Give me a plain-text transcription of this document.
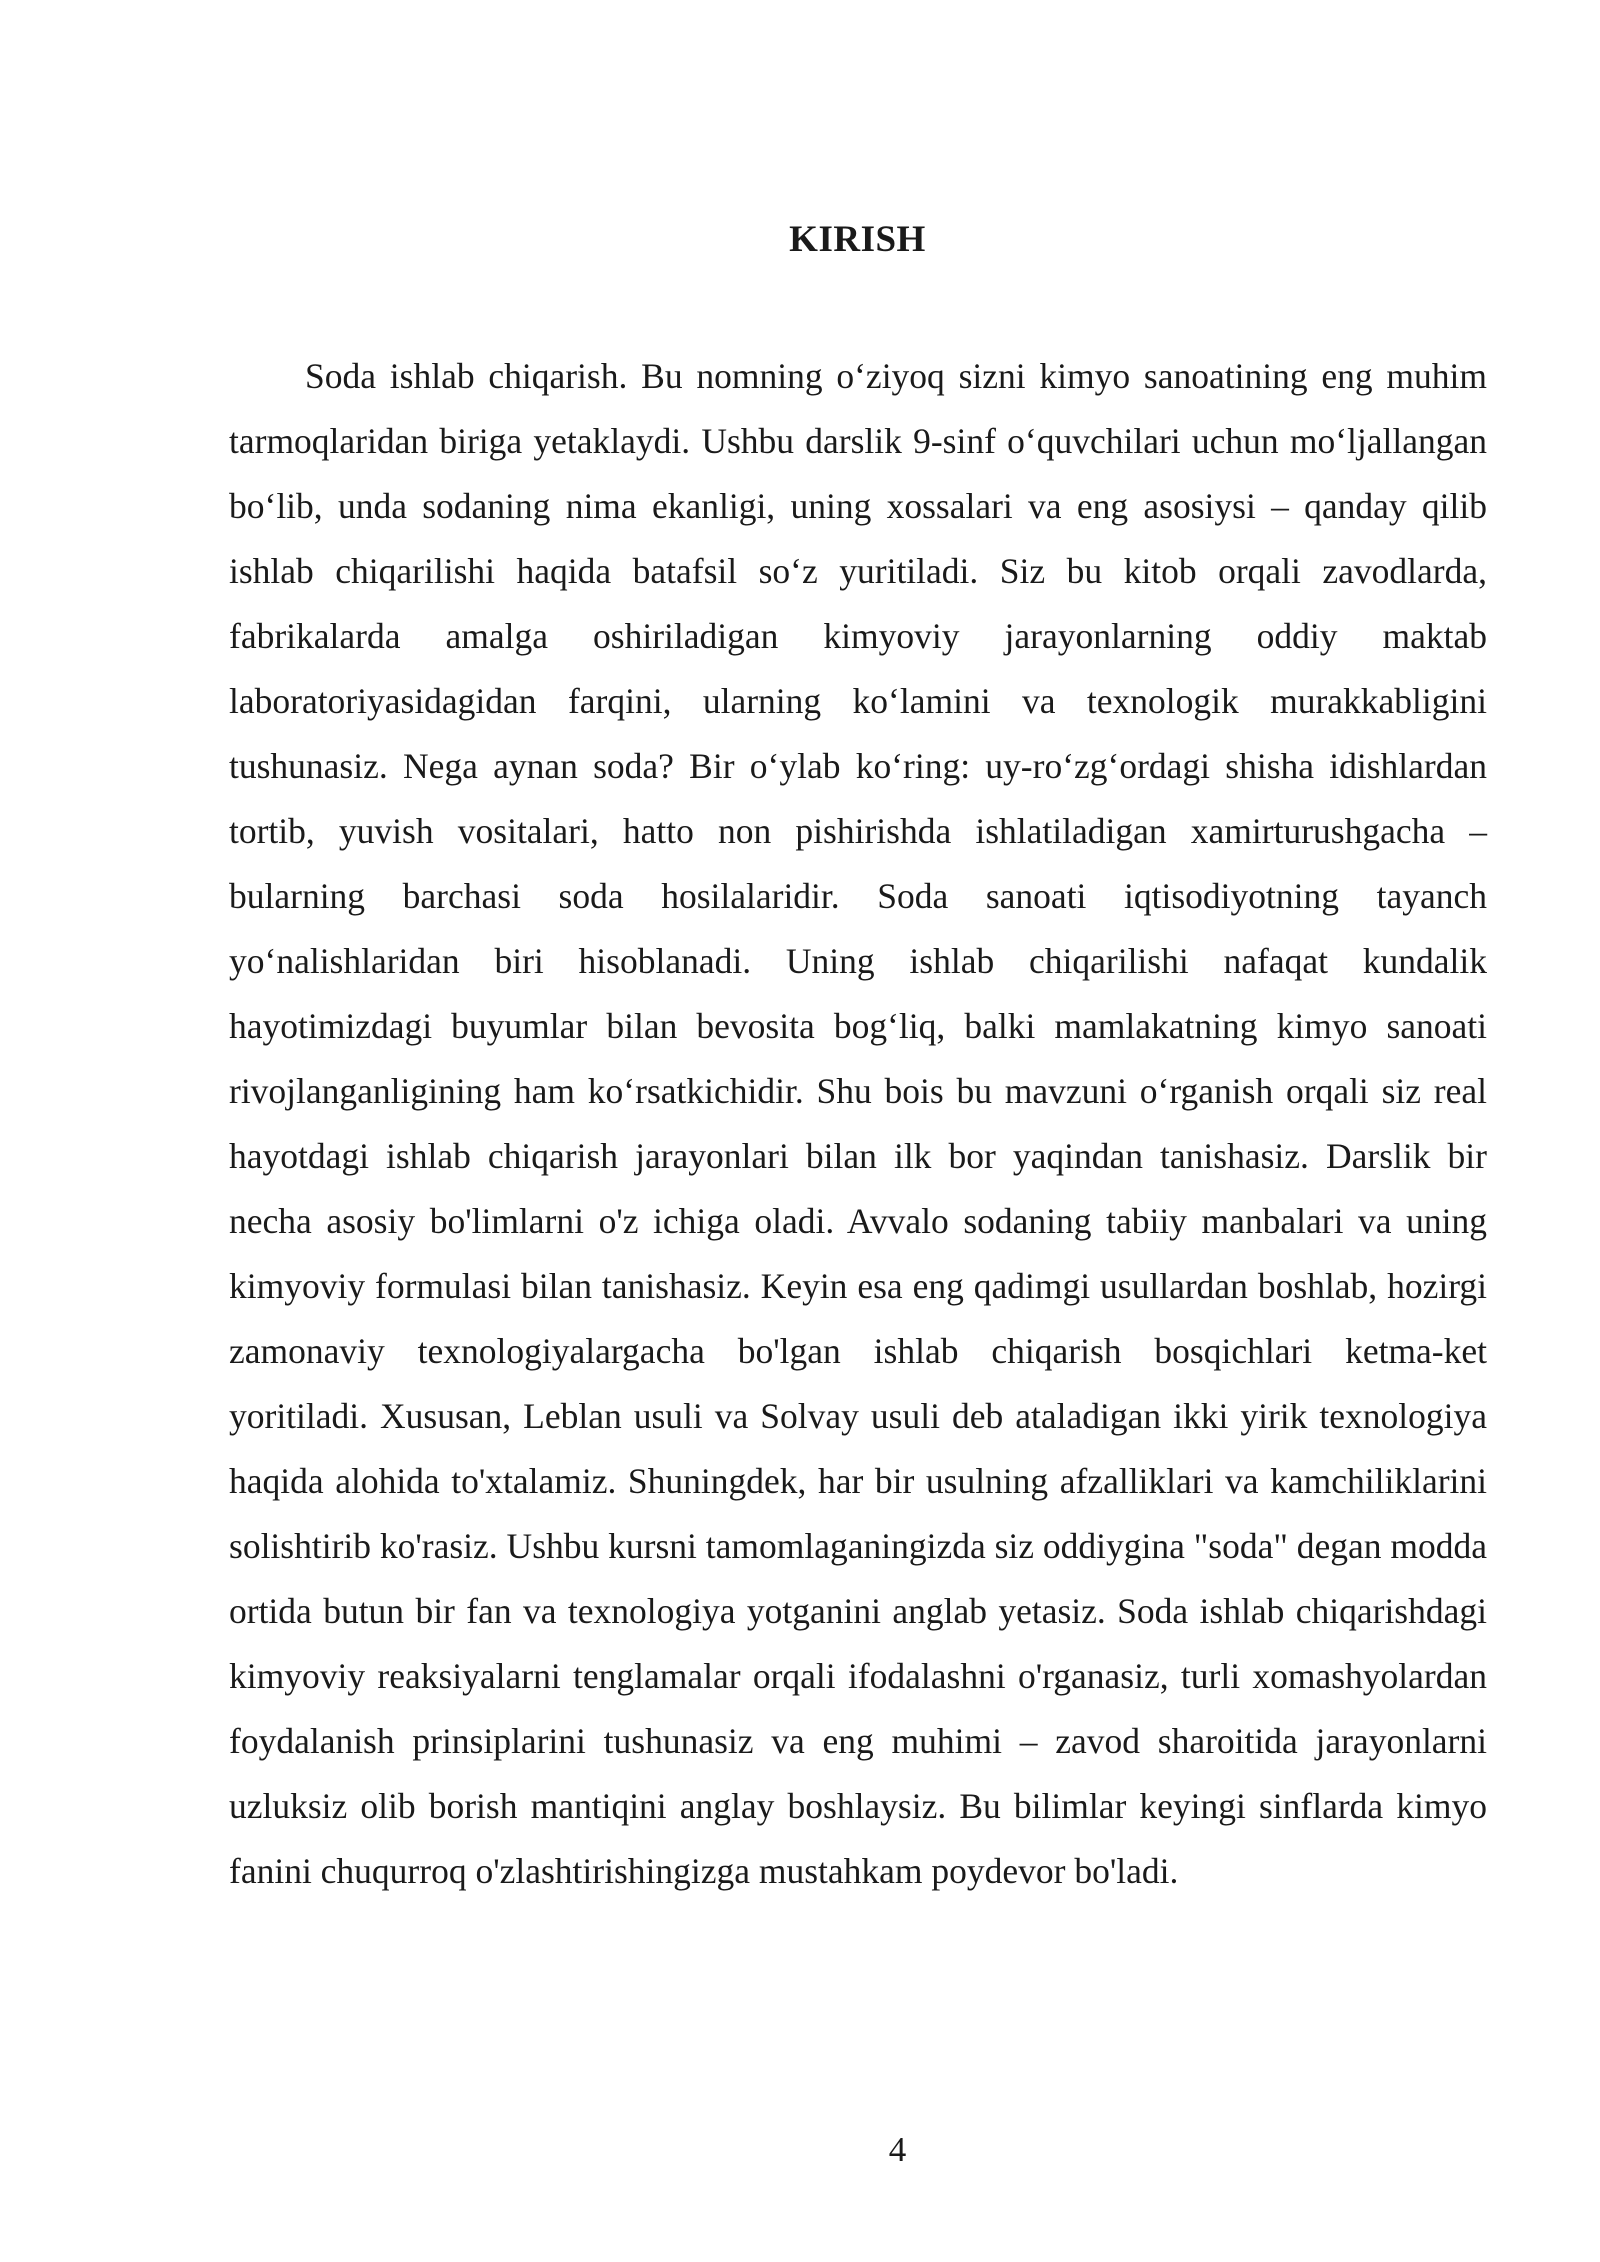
KIRISH

Soda ishlab chiqarish. Bu nomning o‘ziyoq sizni kimyo sanoatining eng muhim tarmoqlaridan biriga yetaklaydi. Ushbu darslik 9-sinf o‘quvchilari uchun mo‘ljallangan bo‘lib, unda sodaning nima ekanligi, uning xossalari va eng asosiysi – qanday qilib ishlab chiqarilishi haqida batafsil so‘z yuritiladi. Siz bu kitob orqali zavodlarda, fabrikalarda amalga oshiriladigan kimyoviy jarayonlarning oddiy maktab laboratoriyasidagidan farqini, ularning ko‘lamini va texnologik murakkabligini tushunasiz. Nega aynan soda? Bir o‘ylab ko‘ring: uy-ro‘zg‘ordagi shisha idishlardan tortib, yuvish vositalari, hatto non pishirishda ishlatiladigan xamirturushgacha – bularning barchasi soda hosilalaridir. Soda sanoati iqtisodiyotning tayanch yo‘nalishlaridan biri hisoblanadi. Uning ishlab chiqarilishi nafaqat kundalik hayotimizdagi buyumlar bilan bevosita bog‘liq, balki mamlakatning kimyo sanoati rivojlanganligining ham ko‘rsatkichidir. Shu bois bu mavzuni o‘rganish orqali siz real hayotdagi ishlab chiqarish jarayonlari bilan ilk bor yaqindan tanishasiz. Darslik bir necha asosiy bo'limlarni o'z ichiga oladi. Avvalo sodaning tabiiy manbalari va uning kimyoviy formulasi bilan tanishasiz. Keyin esa eng qadimgi usullardan boshlab, hozirgi zamonaviy texnologiyalargacha bo'lgan ishlab chiqarish bosqichlari ketma-ket yoritiladi. Xususan, Leblan usuli va Solvay usuli deb ataladigan ikki yirik texnologiya haqida alohida to'xtalamiz. Shuningdek, har bir usulning afzalliklari va kamchiliklarini solishtirib ko'rasiz. Ushbu kursni tamomlaganingizda siz oddiygina "soda" degan modda ortida butun bir fan va texnologiya yotganini anglab yetasiz. Soda ishlab chiqarishdagi kimyoviy reaksiyalarni tenglamalar orqali ifodalashni o'rganasiz, turli xomashyolardan foydalanish prinsiplarini tushunasiz va eng muhimi – zavod sharoitida jarayonlarni uzluksiz olib borish mantiqini anglay boshlaysiz. Bu bilimlar keyingi sinflarda kimyo fanini chuqurroq o'zlashtirishingizga mustahkam poydevor bo'ladi.

4
